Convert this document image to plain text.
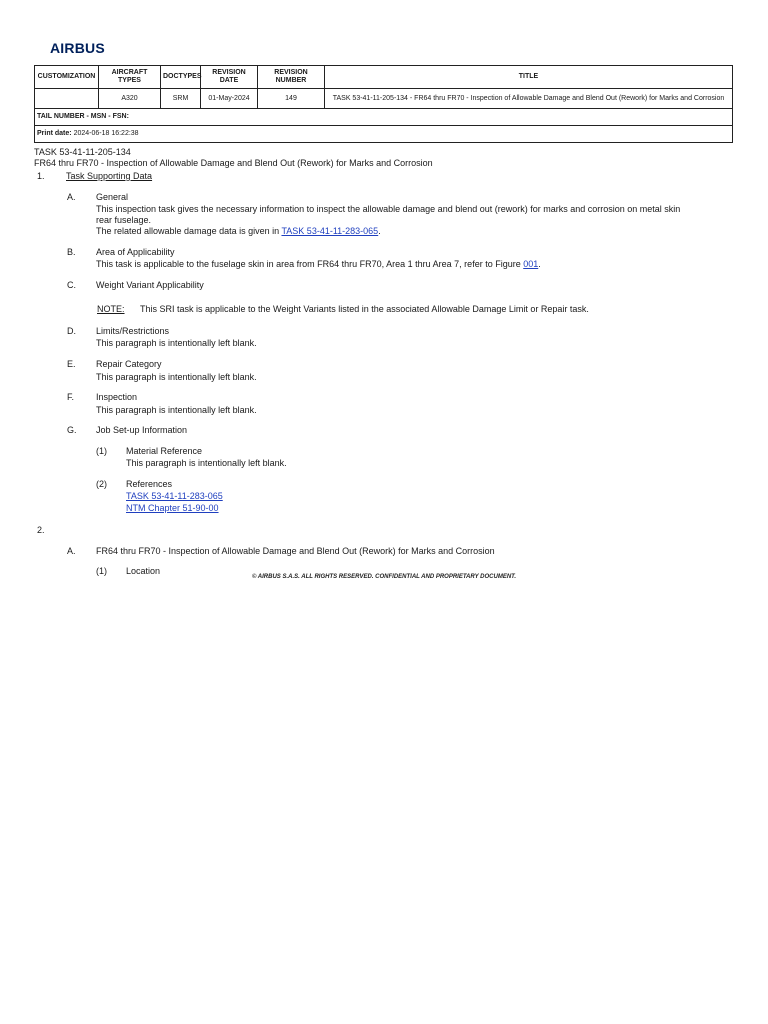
AIRBUS
CUSTOMIZATION	AIRCRAFT TYPES	DOCTYPES	REVISION DATE	REVISION NUMBER	TITLE
	A320	SRM	01-May-2024	149	TASK 53-41-11-205-134 - FR64 thru FR70 - Inspection of Allowable Damage and Blend Out (Rework) for Marks and Corrosion
TAIL NUMBER - MSN - FSN:					
Print date: 2024-06-18 16:22:38					
TASK 53-41-11-205-134
FR64 thru FR70 - Inspection of Allowable Damage and Blend Out (Rework) for Marks and Corrosion
1. Task Supporting Data
A. General
This inspection task gives the necessary information to inspect the allowable damage and blend out (rework) for marks and corrosion on metal skin
rear fuselage.
The related allowable damage data is given in TASK 53-41-11-283-065.
B. Area of Applicability
This task is applicable to the fuselage skin in area from FR64 thru FR70, Area 1 thru Area 7, refer to Figure 001.
C. Weight Variant Applicability
NOTE: This SRI task is applicable to the Weight Variants listed in the associated Allowable Damage Limit or Repair task.
D. Limits/Restrictions
This paragraph is intentionally left blank.
E. Repair Category
This paragraph is intentionally left blank.
F. Inspection
This paragraph is intentionally left blank.
G. Job Set-up Information
(1) Material Reference
This paragraph is intentionally left blank.
(2) References
TASK 53-41-11-283-065
NTM Chapter 51-90-00
2.
A. FR64 thru FR70 - Inspection of Allowable Damage and Blend Out (Rework) for Marks and Corrosion
(1) Location
© AIRBUS S.A.S. ALL RIGHTS RESERVED. CONFIDENTIAL AND PROPRIETARY DOCUMENT.
